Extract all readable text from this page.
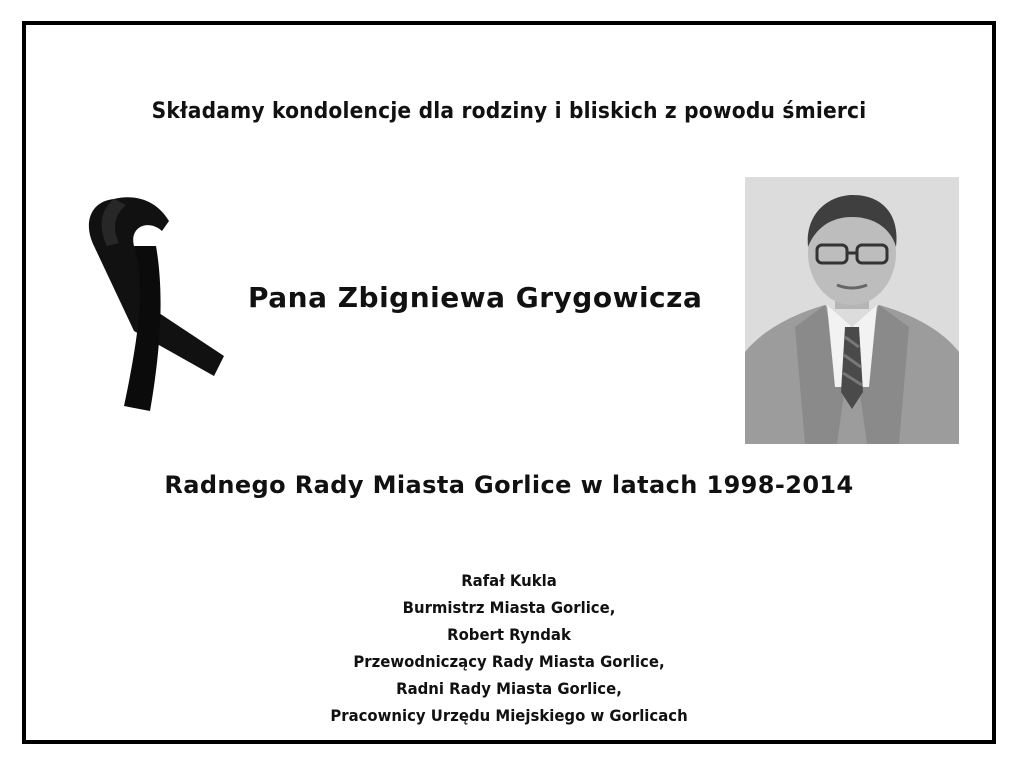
Składamy kondolencje dla rodziny i bliskich z powodu śmierci
Pana Zbigniewa Grygowicza
Radnego Rady Miasta Gorlice w latach 1998-2014
Rafał Kukla
Burmistrz Miasta Gorlice,
Robert Ryndak
Przewodniczący Rady Miasta Gorlice,
Radni Rady Miasta Gorlice,
Pracownicy Urzędu Miejskiego w Gorlicach
